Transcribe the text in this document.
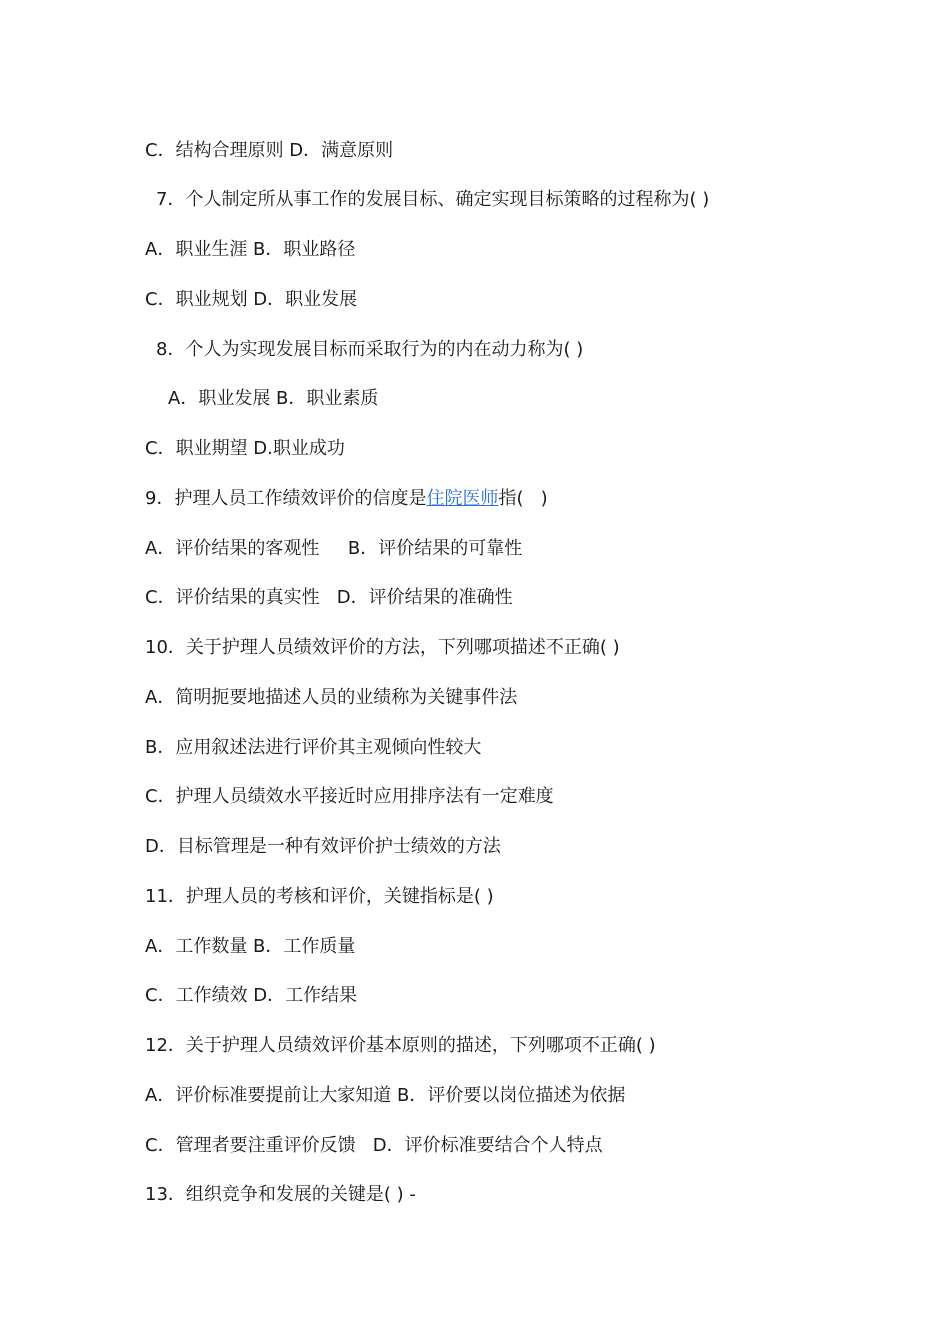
C．结构合理原则 D．满意原则
7．个人制定所从事工作的发展目标、确定实现目标策略的过程称为( )
A．职业生涯 B．职业路径
C．职业规划 D．职业发展
8．个人为实现发展目标而采取行为的内在动力称为( )
A．职业发展 B．职业素质
C．职业期望 D.职业成功
9．护理人员工作绩效评价的信度是住院医师指(   )
A．评价结果的客观性     B．评价结果的可靠性
C．评价结果的真实性   D．评价结果的准确性
10．关于护理人员绩效评价的方法，下列哪项描述不正确( )
A．简明扼要地描述人员的业绩称为关键事件法
B．应用叙述法进行评价其主观倾向性较大
C．护理人员绩效水平接近时应用排序法有一定难度
D．目标管理是一种有效评价护士绩效的方法
11．护理人员的考核和评价，关键指标是( )
A．工作数量 B．工作质量
C．工作绩效 D．工作结果
12．关于护理人员绩效评价基本原则的描述，下列哪项不正确( )
A．评价标准要提前让大家知道 B．评价要以岗位描述为依据
C．管理者要注重评价反馈   D．评价标准要结合个人特点
13．组织竞争和发展的关键是( ) -
